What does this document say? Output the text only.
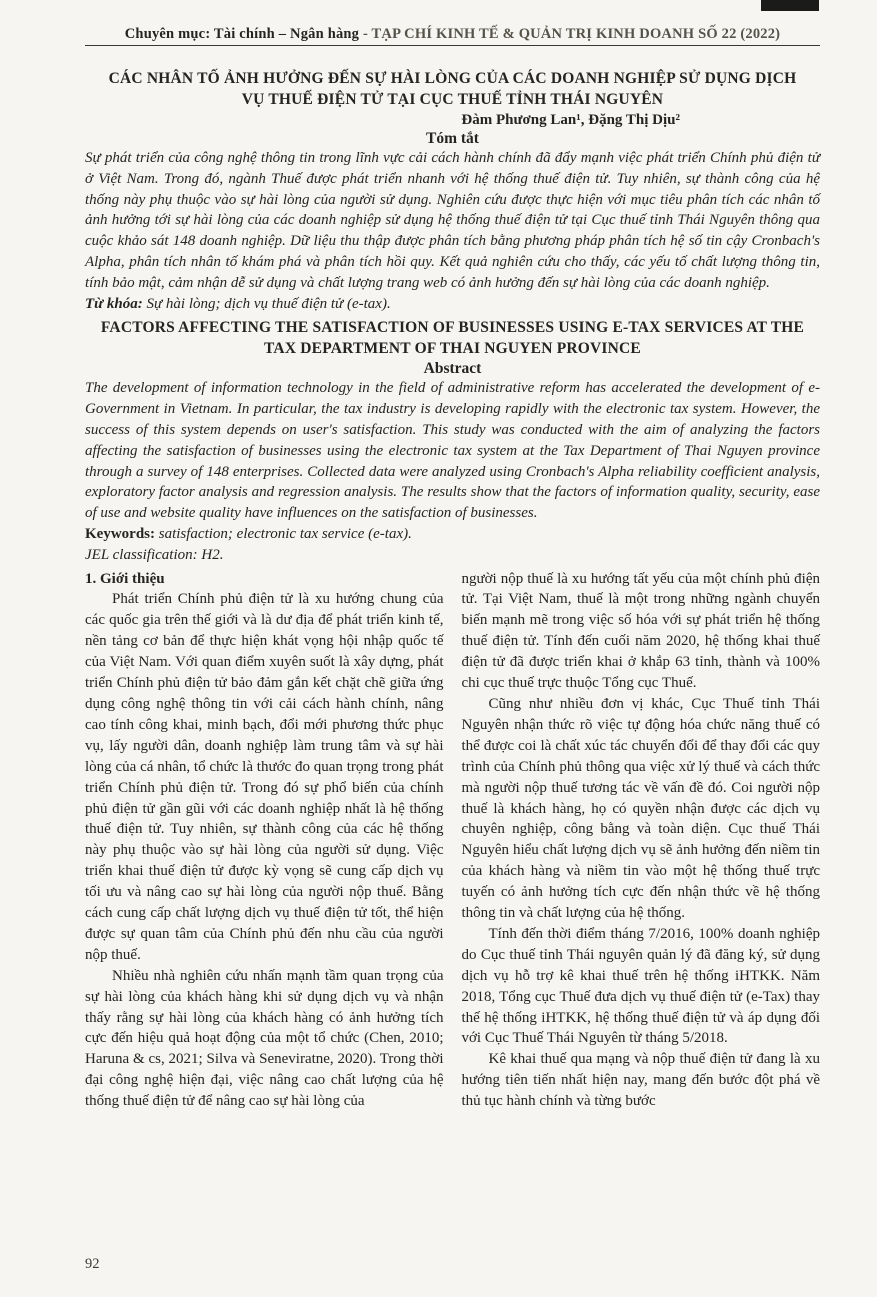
Chuyên mục: Tài chính – Ngân hàng - TẠP CHÍ KINH TẾ & QUẢN TRỊ KINH DOANH SỐ 22 (2022)
CÁC NHÂN TỐ ẢNH HƯỞNG ĐẾN SỰ HÀI LÒNG CỦA CÁC DOANH NGHIỆP SỬ DỤNG DỊCH VỤ THUẾ ĐIỆN TỬ TẠI CỤC THUẾ TỈNH THÁI NGUYÊN
Đàm Phương Lan¹, Đặng Thị Dịu²
Tóm tắt
Sự phát triển của công nghệ thông tin trong lĩnh vực cải cách hành chính đã đẩy mạnh việc phát triển Chính phủ điện tử ở Việt Nam. Trong đó, ngành Thuế được phát triển nhanh với hệ thống thuế điện tử. Tuy nhiên, sự thành công của hệ thống này phụ thuộc vào sự hài lòng của người sử dụng. Nghiên cứu được thực hiện với mục tiêu phân tích các nhân tố ảnh hưởng tới sự hài lòng của các doanh nghiệp sử dụng hệ thống thuế điện tử tại Cục thuế tỉnh Thái Nguyên thông qua cuộc khảo sát 148 doanh nghiệp. Dữ liệu thu thập được phân tích bằng phương pháp phân tích hệ số tin cậy Cronbach's Alpha, phân tích nhân tố khám phá và phân tích hồi quy. Kết quả nghiên cứu cho thấy, các yếu tố chất lượng thông tin, tính bảo mật, cảm nhận dễ sử dụng và chất lượng trang web có ảnh hưởng đến sự hài lòng của các doanh nghiệp.
Từ khóa: Sự hài lòng; dịch vụ thuế điện tử (e-tax).
FACTORS AFFECTING THE SATISFACTION OF BUSINESSES USING E-TAX SERVICES AT THE TAX DEPARTMENT OF THAI NGUYEN PROVINCE
Abstract
The development of information technology in the field of administrative reform has accelerated the development of e-Government in Vietnam. In particular, the tax industry is developing rapidly with the electronic tax system. However, the success of this system depends on user's satisfaction. This study was conducted with the aim of analyzing the factors affecting the satisfaction of businesses using the electronic tax system at the Tax Department of Thai Nguyen province through a survey of 148 enterprises. Collected data were analyzed using Cronbach's Alpha reliability coefficient analysis, exploratory factor analysis and regression analysis. The results show that the factors of information quality, security, ease of use and website quality have influences on the satisfaction of businesses.
Keywords: satisfaction; electronic tax service (e-tax).
JEL classification: H2.

1. Giới thiệu

Phát triển Chính phủ điện tử là xu hướng chung của các quốc gia trên thế giới và là dư địa để phát triển kinh tế, nền tảng cơ bản để thực hiện khát vọng hội nhập quốc tế của Việt Nam. Với quan điểm xuyên suốt là xây dựng, phát triển Chính phủ điện tử bảo đảm gắn kết chặt chẽ giữa ứng dụng công nghệ thông tin với cải cách hành chính, nâng cao tính công khai, minh bạch, đổi mới phương thức phục vụ, lấy người dân, doanh nghiệp làm trung tâm và sự hài lòng của cá nhân, tổ chức là thước đo quan trọng trong phát triển Chính phủ điện tử. Trong đó sự phổ biến của chính phủ điện tử gần gũi với các doanh nghiệp nhất là hệ thống thuế điện tử. Tuy nhiên, sự thành công của các hệ thống này phụ thuộc vào sự hài lòng của người sử dụng. Việc triển khai thuế điện tử được kỳ vọng sẽ cung cấp dịch vụ tối ưu và nâng cao sự hài lòng của người nộp thuế. Bằng cách cung cấp chất lượng dịch vụ thuế điện tử tốt, thể hiện được sự quan tâm của Chính phủ đến nhu cầu của người nộp thuế.

Nhiều nhà nghiên cứu nhấn mạnh tầm quan trọng của sự hài lòng của khách hàng khi sử dụng dịch vụ và nhận thấy rằng sự hài lòng của khách hàng có ảnh hưởng tích cực đến hiệu quả hoạt động của một tổ chức (Chen, 2010; Haruna & cs, 2021; Silva và Seneviratne, 2020). Trong thời đại công nghệ hiện đại, việc nâng cao chất lượng của hệ thống thuế điện tử để nâng cao sự hài lòng của

người nộp thuế là xu hướng tất yếu của một chính phủ điện tử. Tại Việt Nam, thuế là một trong những ngành chuyển biến mạnh mẽ trong việc số hóa với sự phát triển hệ thống thuế điện tử. Tính đến cuối năm 2020, hệ thống khai thuế điện tử đã được triển khai ở khắp 63 tỉnh, thành và 100% chi cục thuế trực thuộc Tổng cục Thuế.

Cũng như nhiều đơn vị khác, Cục Thuế tỉnh Thái Nguyên nhận thức rõ việc tự động hóa chức năng thuế có thể được coi là chất xúc tác chuyển đổi để thay đổi các quy trình của Chính phủ thông qua việc xử lý thuế và cách thức mà người nộp thuế tương tác về vấn đề đó. Coi người nộp thuế là khách hàng, họ có quyền nhận được các dịch vụ chuyên nghiệp, công bằng và toàn diện. Cục thuế Thái Nguyên hiểu chất lượng dịch vụ sẽ ảnh hưởng đến niềm tin của khách hàng và niềm tin vào một hệ thống thuế trực tuyến có ảnh hưởng tích cực đến nhận thức về hệ thống thông tin và chất lượng của hệ thống.

Tính đến thời điểm tháng 7/2016, 100% doanh nghiệp do Cục thuế tỉnh Thái nguyên quản lý đã đăng ký, sử dụng dịch vụ hỗ trợ kê khai thuế trên hệ thống iHTKK. Năm 2018, Tổng cục Thuế đưa dịch vụ thuế điện tử (e-Tax) thay thế hệ thống iHTKK, hệ thống thuế điện tử và áp dụng đối với Cục Thuế Thái Nguyên từ tháng 5/2018.

Kê khai thuế qua mạng và nộp thuế điện tử đang là xu hướng tiên tiến nhất hiện nay, mang đến bước đột phá về thủ tục hành chính và từng bước

92
